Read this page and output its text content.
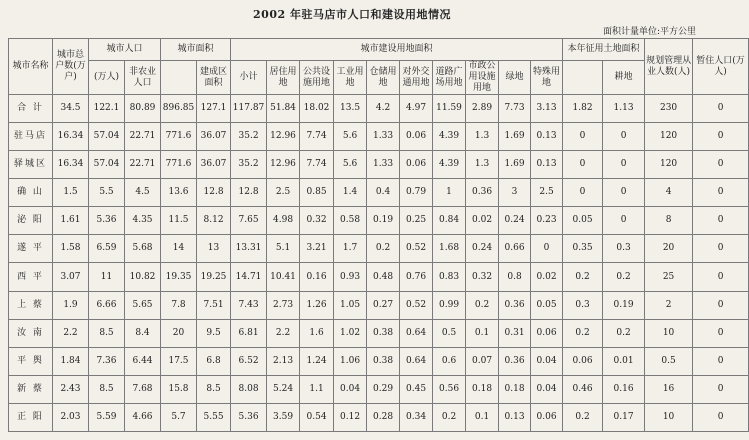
2002 年驻马店市人口和建设用地情况
面积计量单位:平方公里
城市名称	城市总户数(万户)	城市人口		城市面积		城市建设用地面积										本年征用土地面积		规划管理从业人数(人)	暂住人口(万人)
		(万人)	非农业人口		建成区面积	小计	居住用地	公共设施用地	工业用地	仓储用地	对外交通用地	道路广场用地	市政公用设施用地	绿地	特殊用地		耕地		
合 计	34.5	122.1	80.89	896.85	127.1	117.87	51.84	18.02	13.5	4.2	4.97	11.59	2.89	7.73	3.13	1.82	1.13	230	0
驻马店	16.34	57.04	22.71	771.6	36.07	35.2	12.96	7.74	5.6	1.33	0.06	4.39	1.3	1.69	0.13	0	0	120	0
驿城区	16.34	57.04	22.71	771.6	36.07	35.2	12.96	7.74	5.6	1.33	0.06	4.39	1.3	1.69	0.13	0	0	120	0
确 山	1.5	5.5	4.5	13.6	12.8	12.8	2.5	0.85	1.4	0.4	0.79	1	0.36	3	2.5	0	0	4	0
泌 阳	1.61	5.36	4.35	11.5	8.12	7.65	4.98	0.32	0.58	0.19	0.25	0.84	0.02	0.24	0.23	0.05	0	8	0
遂 平	1.58	6.59	5.68	14	13	13.31	5.1	3.21	1.7	0.2	0.52	1.68	0.24	0.66	0	0.35	0.3	20	0
西 平	3.07	11	10.82	19.35	19.25	14.71	10.41	0.16	0.93	0.48	0.76	0.83	0.32	0.8	0.02	0.2	0.2	25	0
上 蔡	1.9	6.66	5.65	7.8	7.51	7.43	2.73	1.26	1.05	0.27	0.52	0.99	0.2	0.36	0.05	0.3	0.19	2	0
汝 南	2.2	8.5	8.4	20	9.5	6.81	2.2	1.6	1.02	0.38	0.64	0.5	0.1	0.31	0.06	0.2	0.2	10	0
平 舆	1.84	7.36	6.44	17.5	6.8	6.52	2.13	1.24	1.06	0.38	0.64	0.6	0.07	0.36	0.04	0.06	0.01	0.5	0
新 蔡	2.43	8.5	7.68	15.8	8.5	8.08	5.24	1.1	0.04	0.29	0.45	0.56	0.18	0.18	0.04	0.46	0.16	16	0
正 阳	2.03	5.59	4.66	5.7	5.55	5.36	3.59	0.54	0.12	0.28	0.34	0.2	0.1	0.13	0.06	0.2	0.17	10	0
